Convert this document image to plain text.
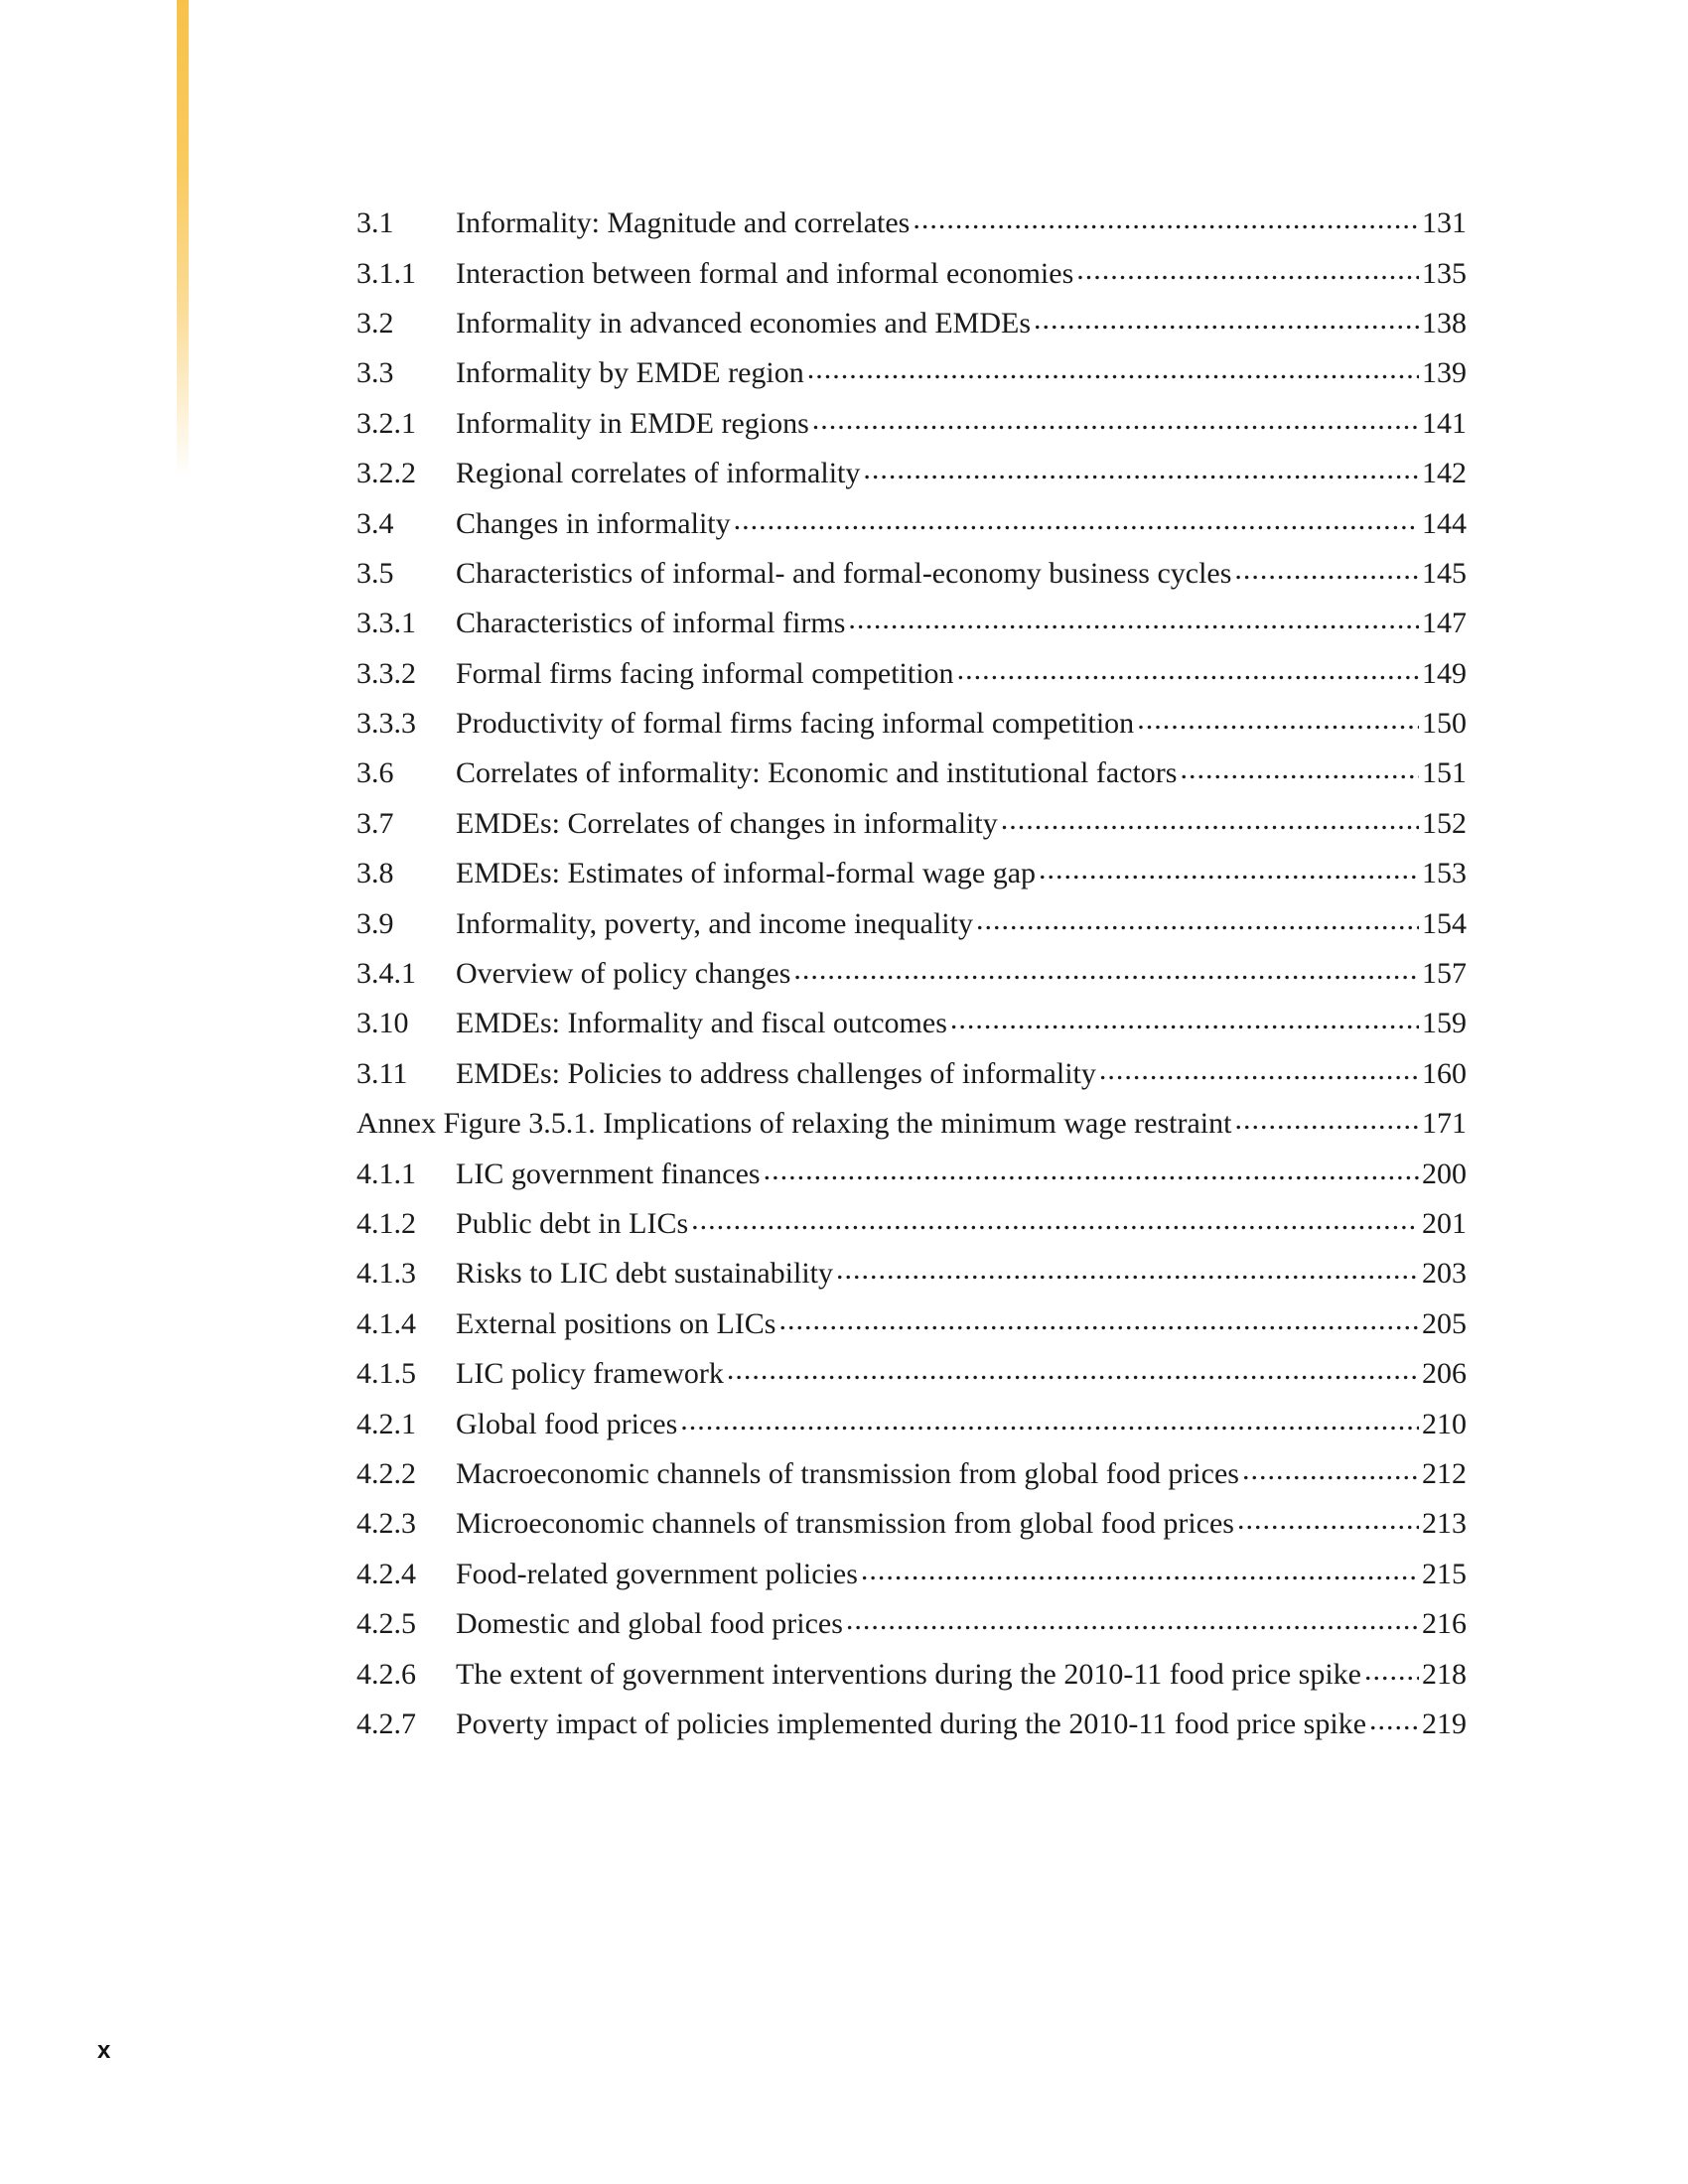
3.1	Informality: Magnitude and correlates .....	131
3.1.1	Interaction between formal and informal economies .....	135
3.2	Informality in advanced economies and EMDEs .....	138
3.3	Informality by EMDE region .....	139
3.2.1	Informality in EMDE regions .....	141
3.2.2	Regional correlates of informality .....	142
3.4	Changes in informality .....	144
3.5	Characteristics of informal- and formal-economy business cycles .....	145
3.3.1	Characteristics of informal firms .....	147
3.3.2	Formal firms facing informal competition .....	149
3.3.3	Productivity of formal firms facing informal competition .....	150
3.6	Correlates of informality: Economic and institutional factors .....	151
3.7	EMDEs: Correlates of changes in informality .....	152
3.8	EMDEs: Estimates of informal-formal wage gap .....	153
3.9	Informality, poverty, and income inequality .....	154
3.4.1	Overview of policy changes .....	157
3.10	EMDEs: Informality and fiscal outcomes .....	159
3.11	EMDEs: Policies to address challenges of informality .....	160
Annex Figure 3.5.1. Implications of relaxing the minimum wage restraint .....	171
4.1.1	LIC government finances .....	200
4.1.2	Public debt in LICs .....	201
4.1.3	Risks to LIC debt sustainability .....	203
4.1.4	External positions on LICs .....	205
4.1.5	LIC policy framework .....	206
4.2.1	Global food prices .....	210
4.2.2	Macroeconomic channels of transmission from global food prices .....	212
4.2.3	Microeconomic channels of transmission from global food prices .....	213
4.2.4	Food-related government policies .....	215
4.2.5	Domestic and global food prices .....	216
4.2.6	The extent of government interventions during the 2010-11 food price spike ..... 218
4.2.7	Poverty impact of policies implemented during the 2010-11 food price spike ..... 219
x
